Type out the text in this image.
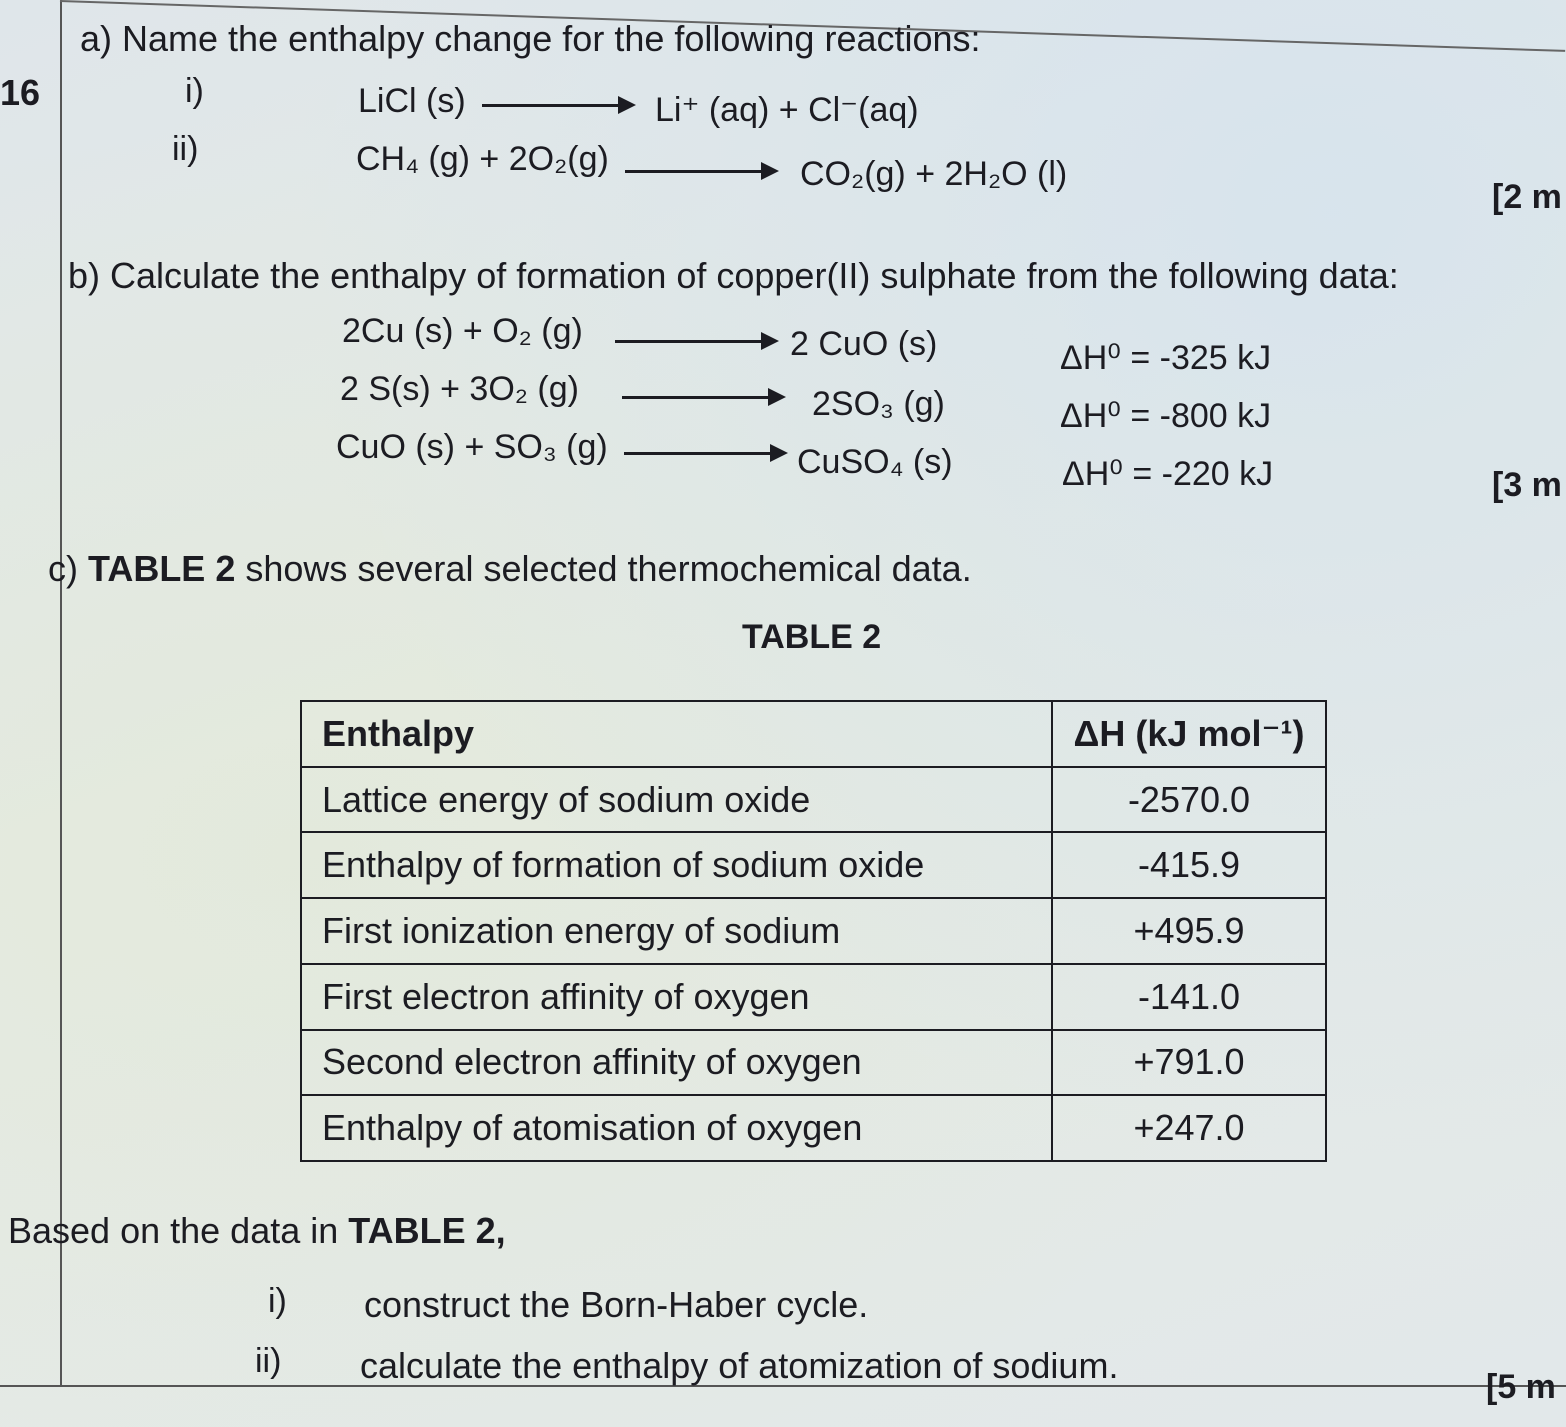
16
a) Name the enthalpy change for the following reactions:
i)	LiCl (s)	Li⁺ (aq) + Cl⁻(aq)
ii)	CH₄ (g) + 2O₂(g)	CO₂(g) + 2H₂O (l)
[2 m
b) Calculate the enthalpy of formation of copper(II) sulphate from the following data:
2Cu (s) + O₂ (g)	2 CuO (s)	ΔH⁰ = -325 kJ
2 S(s) + 3O₂ (g)	2SO₃ (g)	ΔH⁰ = -800 kJ
CuO (s) + SO₃ (g)	CuSO₄ (s)	ΔH⁰ = -220 kJ	[3 m
c) TABLE 2 shows several selected thermochemical data.
TABLE 2
Enthalpy	ΔH (kJ mol⁻¹)
Lattice energy of sodium oxide	-2570.0
Enthalpy of formation of sodium oxide	-415.9
First ionization energy of sodium	+495.9
First electron affinity of oxygen	-141.0
Second electron affinity of oxygen	+791.0
Enthalpy of atomisation of oxygen	+247.0
Based on the data in TABLE 2,
i) construct the Born-Haber cycle.
ii) calculate the enthalpy of atomization of sodium.
[5 m
